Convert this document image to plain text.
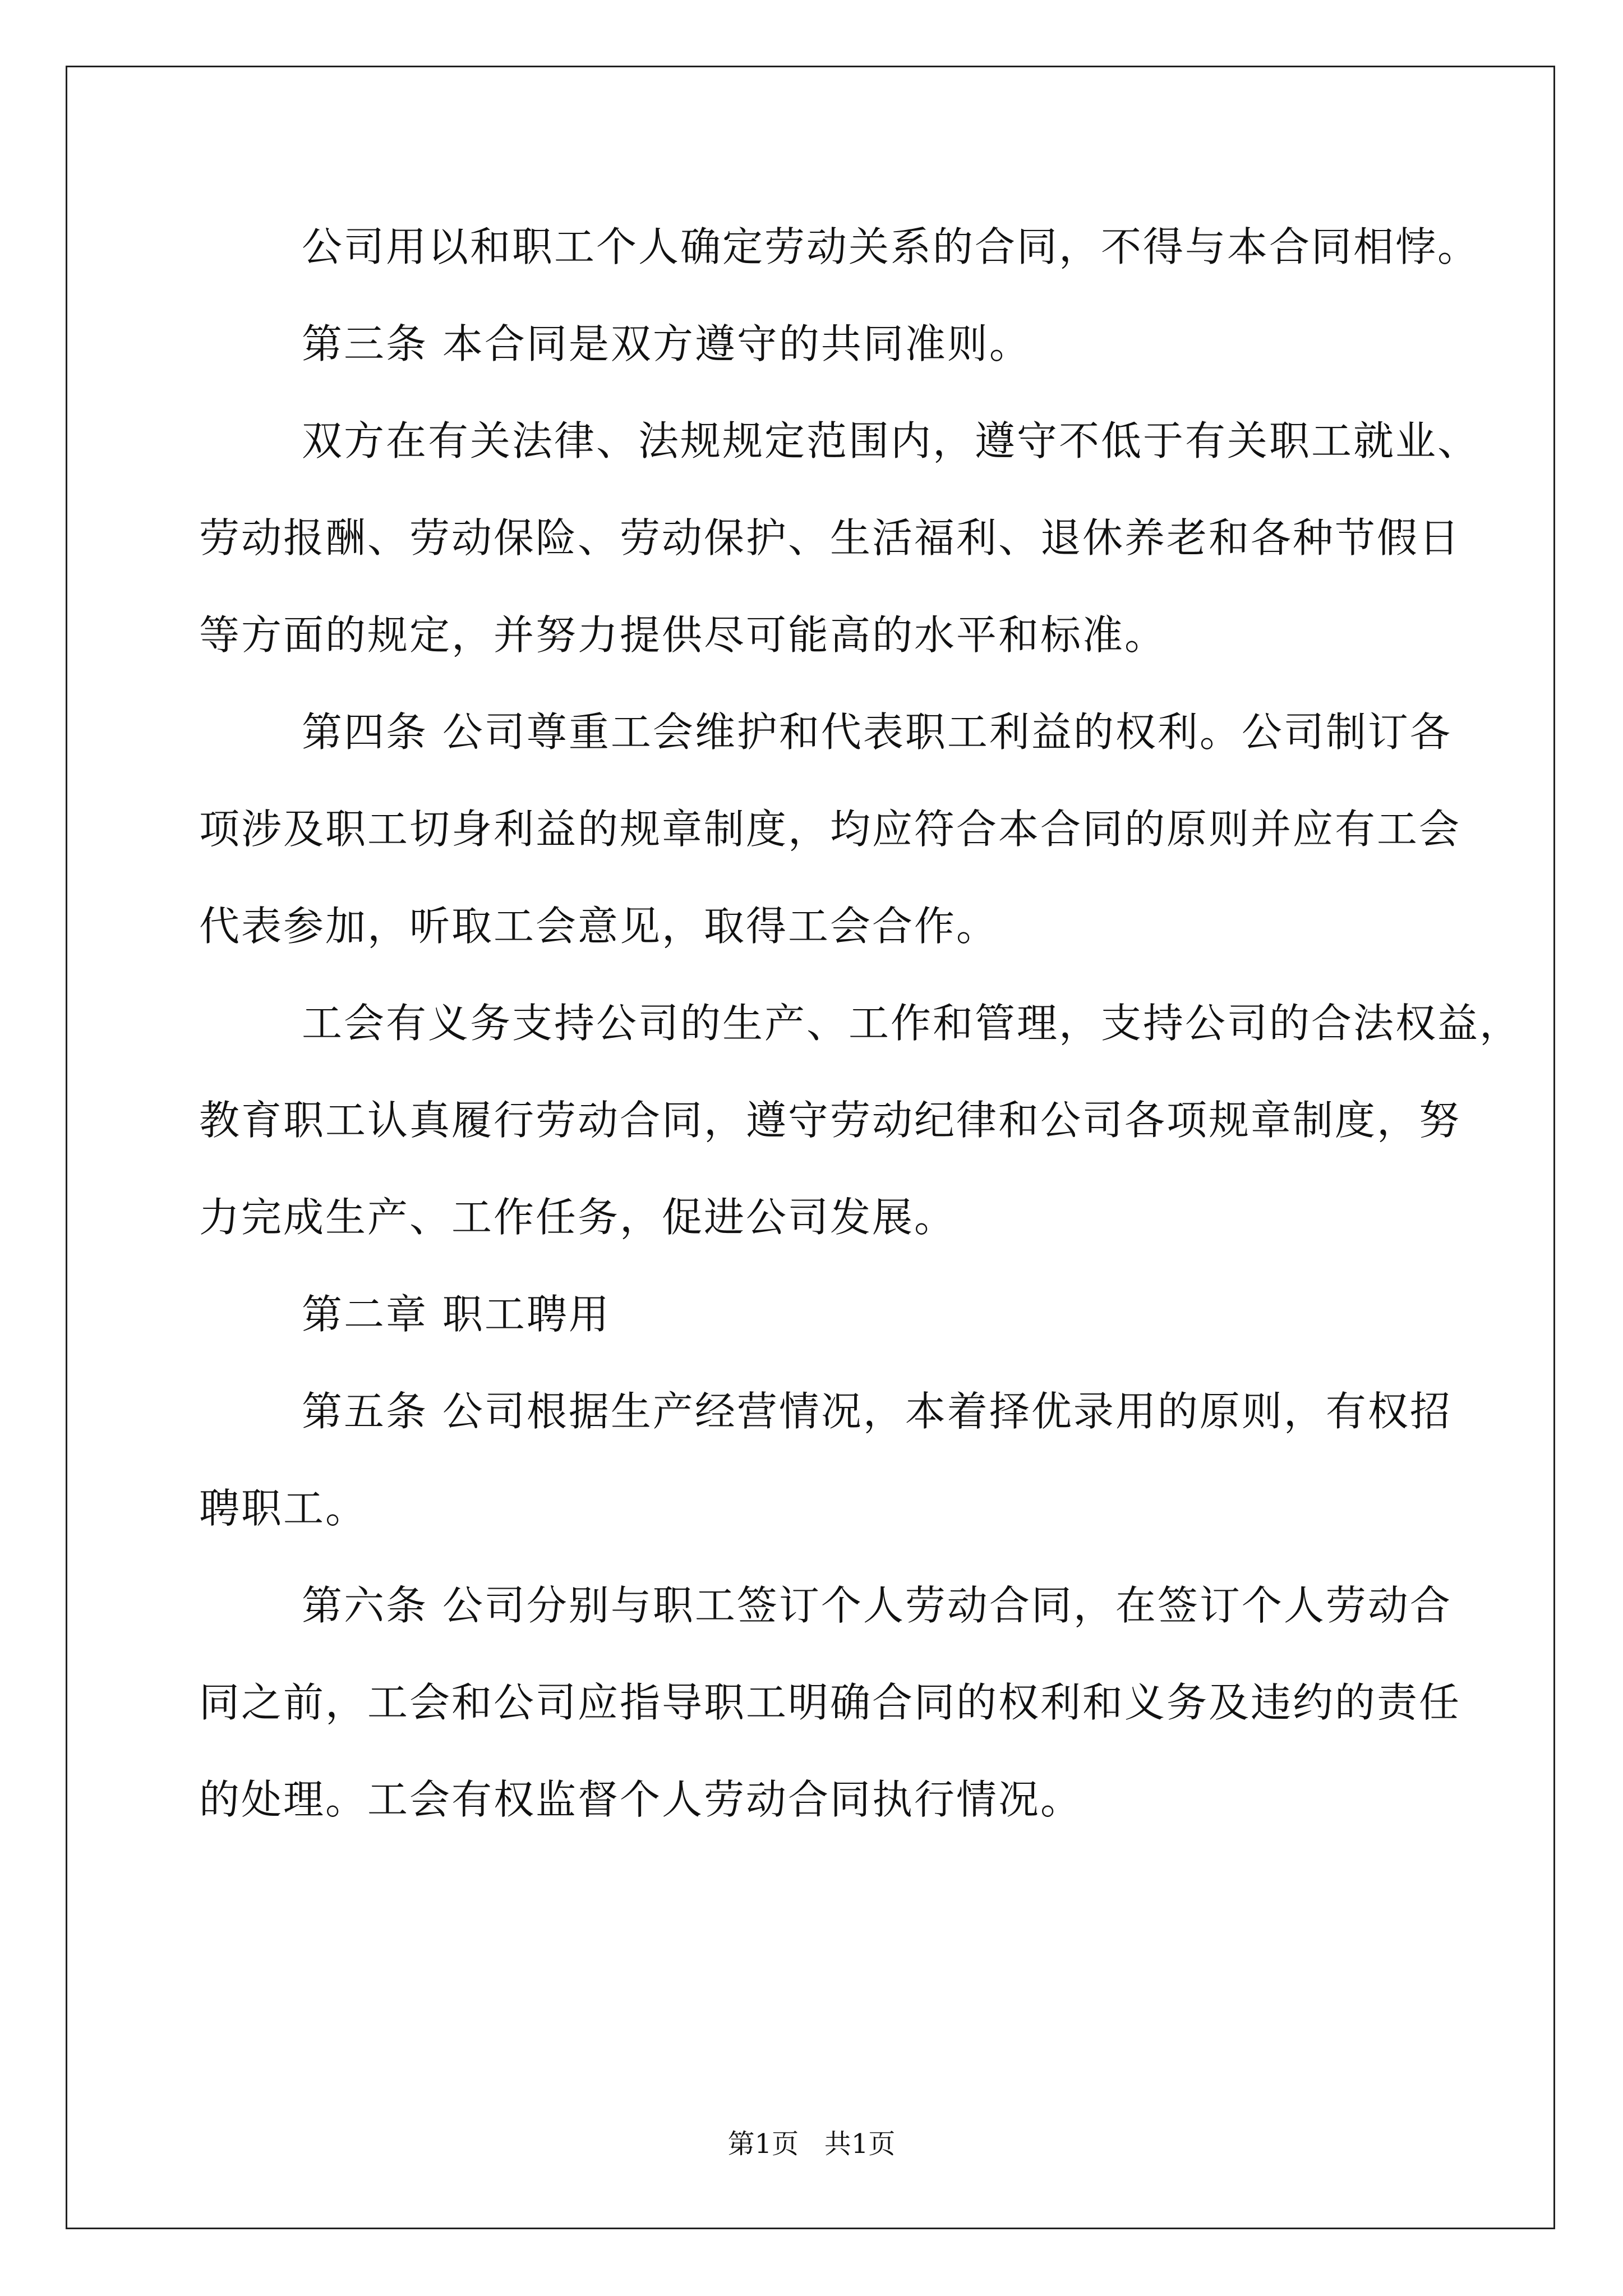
公司用以和职工个人确定劳动关系的合同，不得与本合同相悖。
第三条 本合同是双方遵守的共同准则。
双方在有关法律、法规规定范围内，遵守不低于有关职工就业、
劳动报酬、劳动保险、劳动保护、生活福利、退休养老和各种节假日
等方面的规定，并努力提供尽可能高的水平和标准。
第四条 公司尊重工会维护和代表职工利益的权利。公司制订各
项涉及职工切身利益的规章制度，均应符合本合同的原则并应有工会
代表参加，听取工会意见，取得工会合作。
工会有义务支持公司的生产、工作和管理，支持公司的合法权益，
教育职工认真履行劳动合同，遵守劳动纪律和公司各项规章制度，努
力完成生产、工作任务，促进公司发展。
第二章 职工聘用
第五条 公司根据生产经营情况，本着择优录用的原则，有权招
聘职工。
第六条 公司分别与职工签订个人劳动合同，在签订个人劳动合
同之前，工会和公司应指导职工明确合同的权利和义务及违约的责任
的处理。工会有权监督个人劳动合同执行情况。
第1页   共1页
